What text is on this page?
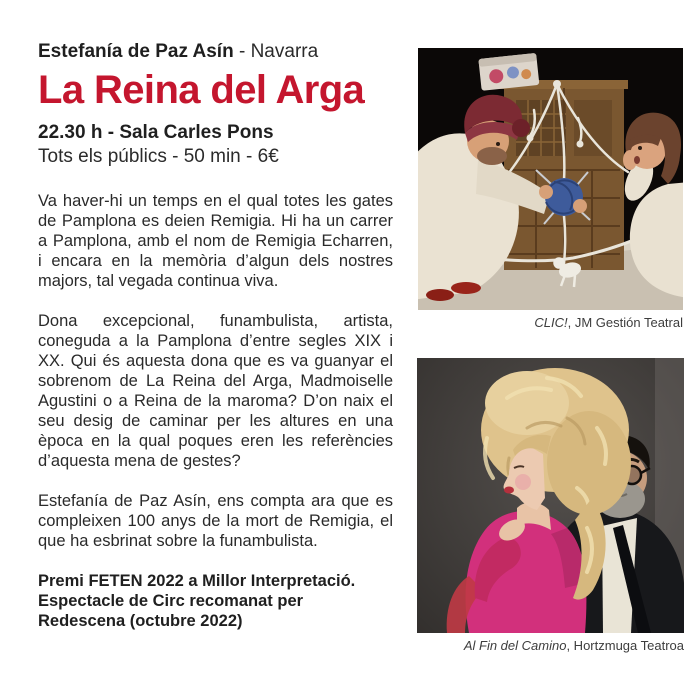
Estefanía de Paz Asín - Navarra
La Reina del Arga
22.30 h - Sala Carles Pons
Tots els públics - 50 min - 6€

Va haver-hi un temps en el qual totes les gates de Pamplona es deien Remigia. Hi ha un carrer a Pamplona, amb el nom de Remigia Echarren, i encara en la memòria d’algun dels nostres majors, tal vegada continua viva.

Dona excepcional, funambulista, artista, coneguda a la Pamplona d’entre segles XIX i XX. Qui és aquesta dona que es va guanyar el sobrenom de La Reina del Arga, Madmoiselle Agustini o a Reina de la maroma? D’on naix el seu desig de caminar per les altures en una època en la qual poques eren les referències d’aquesta mena de gestes?

Estefanía de Paz Asín, ens compta ara que es compleixen 100 anys de la mort de Remigia, el que ha esbrinat sobre la funambulista.

Premi FETEN 2022 a Millor Interpretació. Espectacle de Circ recomanat per Redescena (octubre 2022)

CLIC!, JM Gestión Teatral
Al Fin del Camino, Hortzmuga Teatroa
